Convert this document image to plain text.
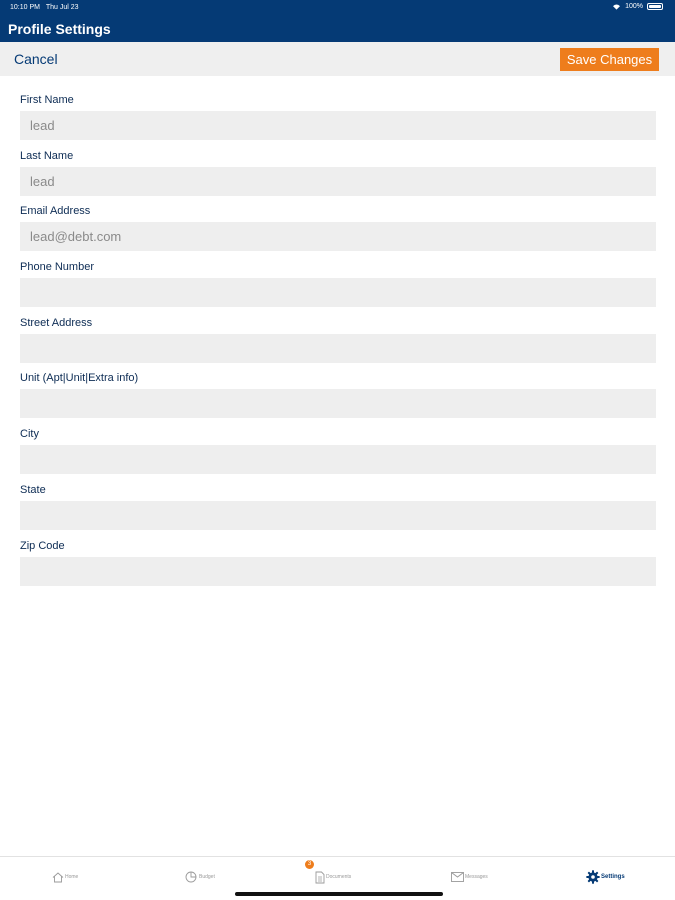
10:10 PM Thu Jul 23	100%
Profile Settings
Cancel	Save Changes
First Name
lead
Last Name
lead
Email Address
lead@debt.com
Phone Number
Street Address
Unit (Apt|Unit|Extra info)
City
State
Zip Code
Home	Budget	Documents	Messages	Settings
3
